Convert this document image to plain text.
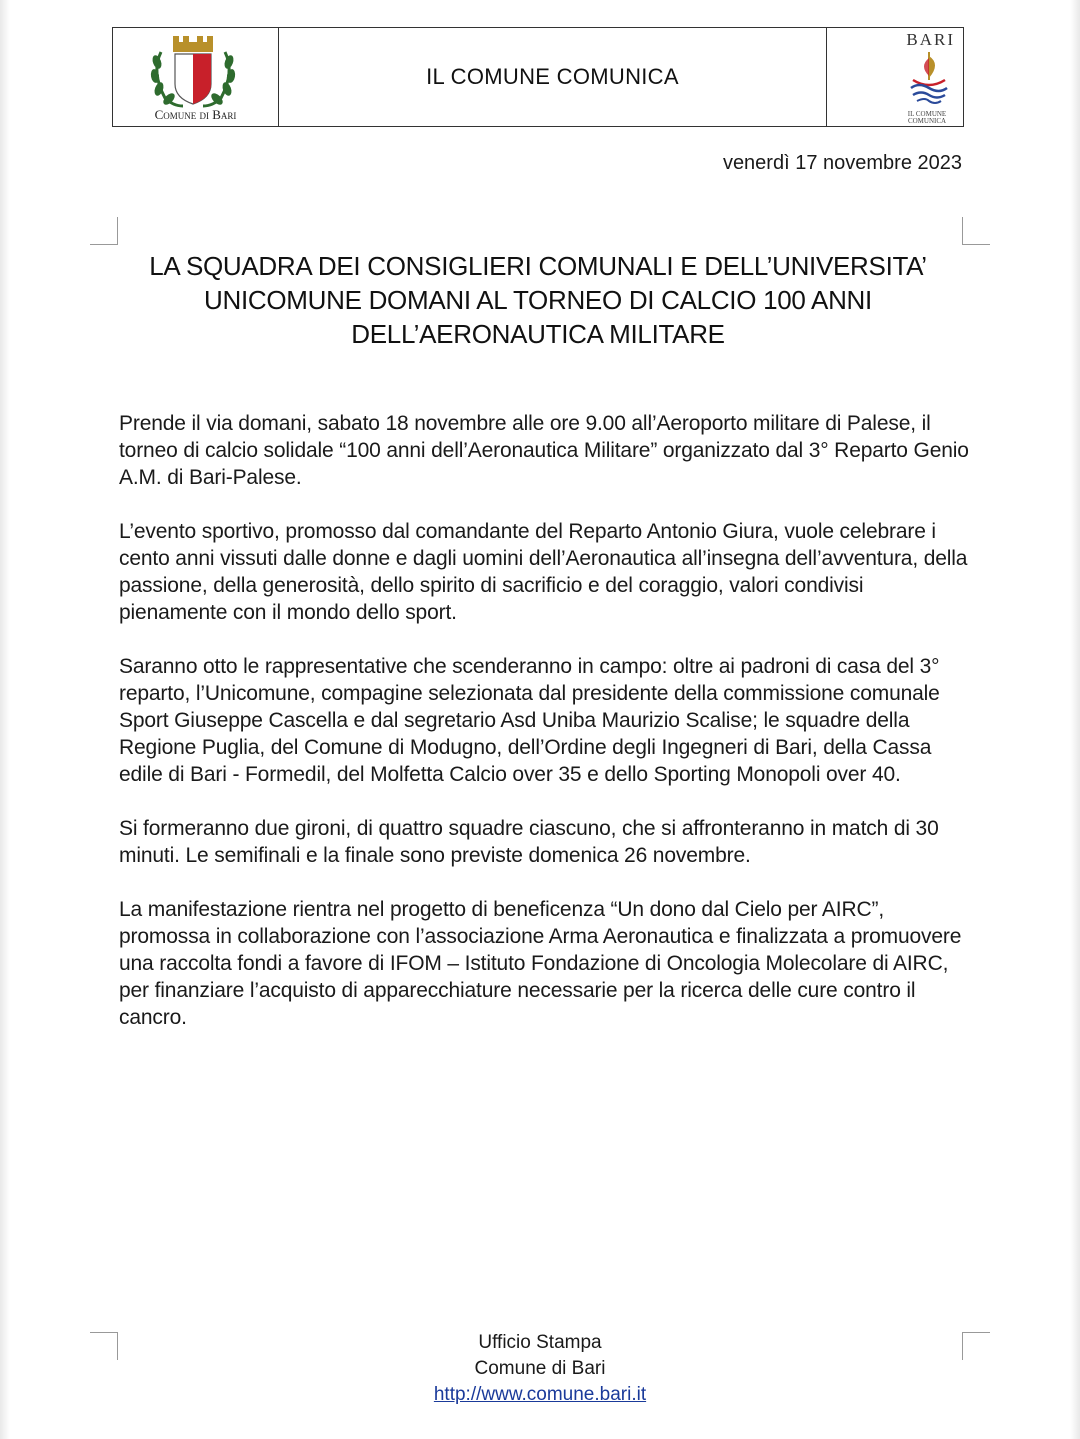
Comune di Bari
IL COMUNE COMUNICA
BARI
IL COMUNE COMUNICA
venerdì 17 novembre 2023
LA SQUADRA DEI CONSIGLIERI COMUNALI E DELL’UNIVERSITA’
UNICOMUNE DOMANI AL TORNEO DI CALCIO 100 ANNI
DELL’AERONAUTICA MILITARE

Prende il via domani, sabato 18 novembre alle ore 9.00 all’Aeroporto militare di Palese, il torneo di calcio solidale “100 anni dell’Aeronautica Militare” organizzato dal 3° Reparto Genio A.M. di Bari-Palese.

L’evento sportivo, promosso dal comandante del Reparto Antonio Giura, vuole celebrare i cento anni vissuti dalle donne e dagli uomini dell’Aeronautica all’insegna dell’avventura, della passione, della generosità, dello spirito di sacrificio e del coraggio, valori condivisi pienamente con il mondo dello sport.

Saranno otto le rappresentative che scenderanno in campo: oltre ai padroni di casa del 3° reparto, l’Unicomune, compagine selezionata dal presidente della commissione comunale Sport Giuseppe Cascella e dal segretario Asd Uniba Maurizio Scalise; le squadre della Regione Puglia, del Comune di Modugno, dell’Ordine degli Ingegneri di Bari, della Cassa edile di Bari - Formedil, del Molfetta Calcio over 35 e dello Sporting Monopoli over 40.

Si formeranno due gironi, di quattro squadre ciascuno, che si affronteranno in match di 30 minuti. Le semifinali e la finale sono previste domenica 26 novembre.

La manifestazione rientra nel progetto di beneficenza “Un dono dal Cielo per AIRC”, promossa in collaborazione con l’associazione Arma Aeronautica e finalizzata a promuovere una raccolta fondi a favore di IFOM – Istituto Fondazione di Oncologia Molecolare di AIRC, per finanziare l’acquisto di apparecchiature necessarie per la ricerca delle cure contro il cancro.

Ufficio Stampa
Comune di Bari
http://www.comune.bari.it
